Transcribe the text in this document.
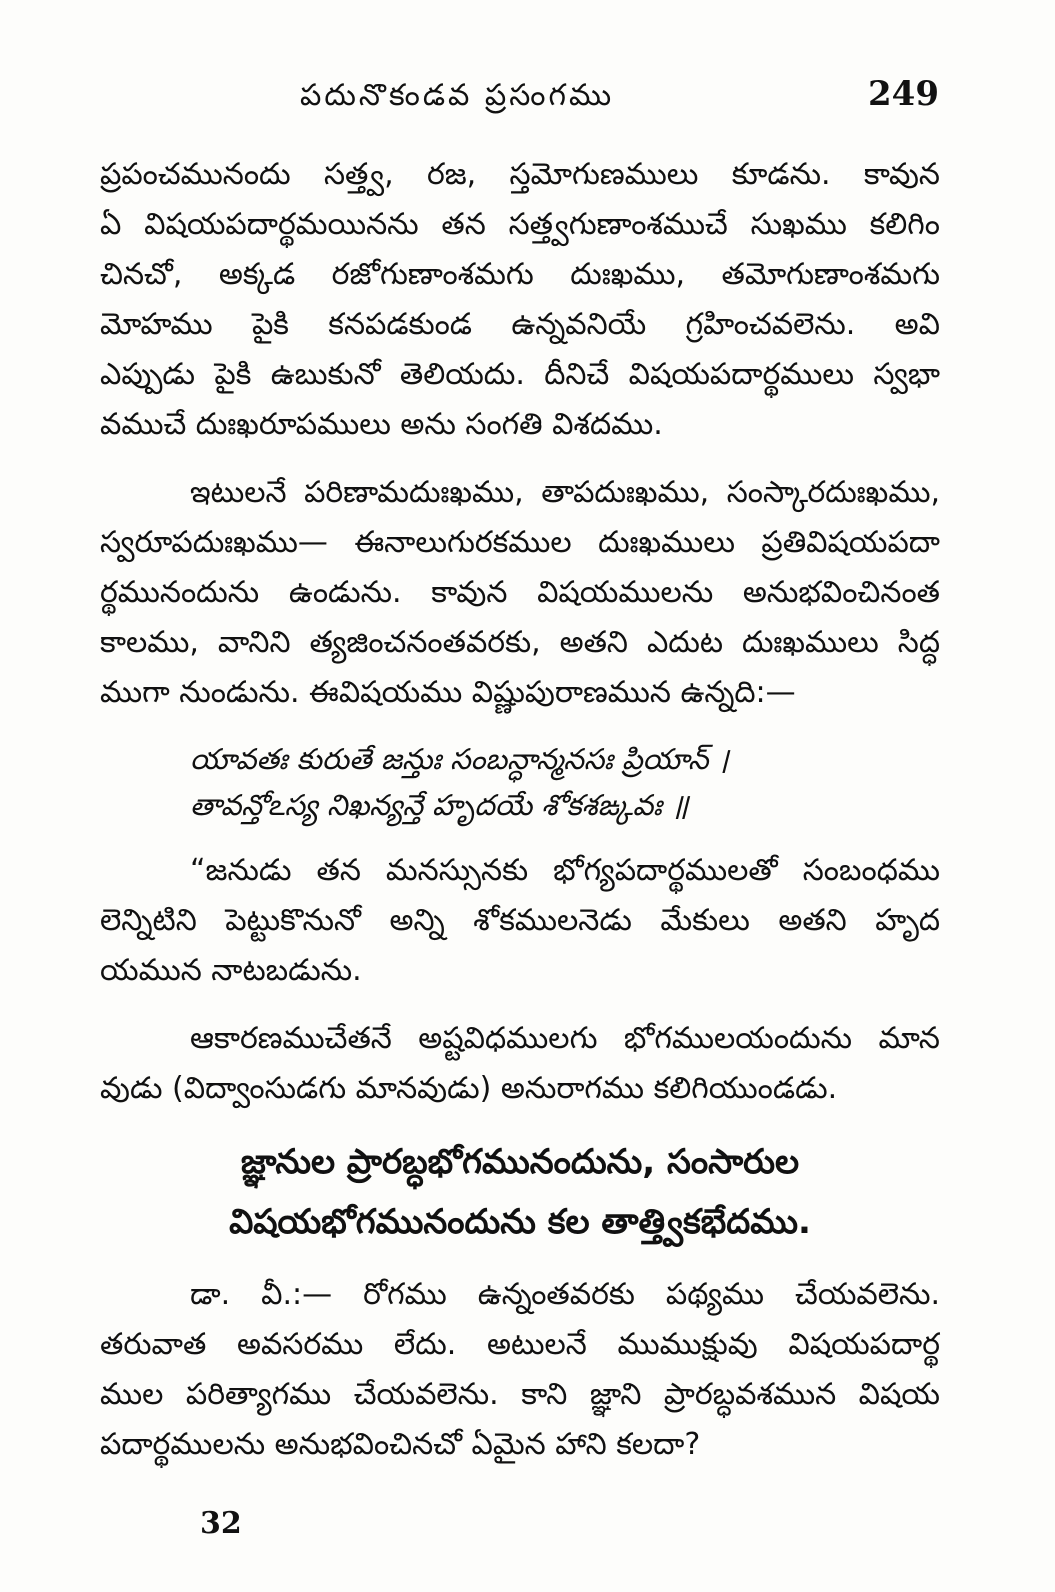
పదునొకండవ ప్రసంగము	249
ప్రపంచమునందు సత్త్వ, రజ, స్తమోగుణములు కూడను. కావున
ఏ విషయపదార్థమయినను తన సత్త్వగుణాంశముచే సుఖము కలిగిం
చినచో, అక్కడ రజోగుణాంశమగు దుఃఖము, తమోగుణాంశమగు
మోహము పైకి కనపడకుండ ఉన్నవనియే గ్రహించవలెను. అవి
ఎప్పుడు పైకి ఉబుకునో తెలియదు. దీనిచే విషయపదార్థములు స్వభా
వముచే దుఃఖరూపములు అను సంగతి విశదము.
ఇటులనే పరిణామదుఃఖము, తాపదుఃఖము, సంస్కారదుఃఖము,
స్వరూపదుఃఖము— ఈనాలుగురకముల దుఃఖములు ప్రతివిషయపదా
ర్థమునందును ఉండును. కావున విషయములను అనుభవించినంత
కాలము, వానిని త్యజించనంతవరకు, అతని ఎదుట దుఃఖములు సిద్ధ
ముగా నుండును. ఈవిషయము విష్ణుపురాణమున ఉన్నది:—
యావతః కురుతే జన్తుః సంబన్ధాన్మనసః ప్రియాన్ ।
తావన్తోఽస్య నిఖన్యన్తే హృదయే శోకశఙ్కవః ॥
“జనుడు తన మనస్సునకు భోగ్యపదార్థములతో సంబంధము
లెన్నిటిని పెట్టుకొనునో అన్ని శోకములనెడు మేకులు అతని హృద
యమున నాటబడును.
ఆకారణముచేతనే అష్టవిధములగు భోగములయందును మాన
వుడు (విద్వాంసుడగు మానవుడు) అనురాగము కలిగియుండడు.
జ్ఞానుల ప్రారబ్ధభోగమునందును, సంసారుల
విషయభోగమునందును కల తాత్త్వికభేదము.
డా. వీ.:— రోగము ఉన్నంతవరకు పథ్యము చేయవలెను.
తరువాత అవసరము లేదు. అటులనే ముముక్షువు విషయపదార్థ
ముల పరిత్యాగము చేయవలెను. కాని జ్ఞాని ప్రారబ్ధవశమున విషయ
పదార్థములను అనుభవించినచో ఏమైన హాని కలదా?
32
